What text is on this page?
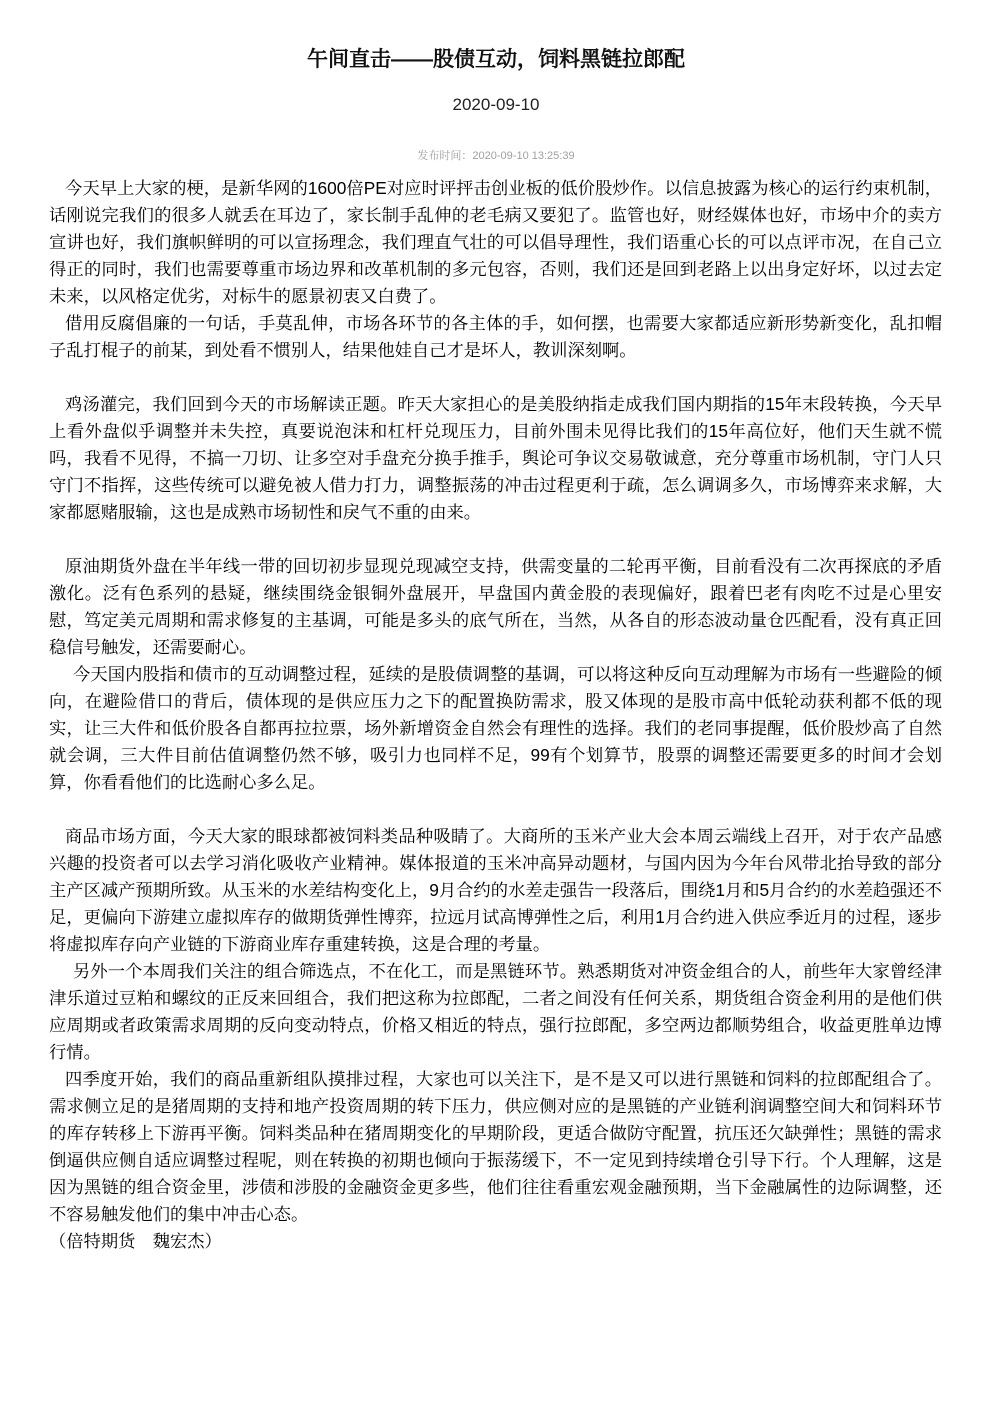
午间直击——股债互动，饲料黑链拉郎配
2020-09-10
发布时间：2020-09-10 13:25:39

今天早上大家的梗，是新华网的1600倍PE对应时评抨击创业板的低价股炒作。以信息披露为核心的运行约束机制，话刚说完我们的很多人就丢在耳边了，家长制手乱伸的老毛病又要犯了。监管也好，财经媒体也好，市场中介的卖方宣讲也好，我们旗帜鲜明的可以宣扬理念，我们理直气壮的可以倡导理性，我们语重心长的可以点评市况，在自己立得正的同时，我们也需要尊重市场边界和改革机制的多元包容，否则，我们还是回到老路上以出身定好坏，以过去定未来，以风格定优劣，对标牛的愿景初衷又白费了。

借用反腐倡廉的一句话，手莫乱伸，市场各环节的各主体的手，如何摆，也需要大家都适应新形势新变化，乱扣帽子乱打棍子的前某，到处看不惯别人，结果他娃自己才是坏人，教训深刻啊。

鸡汤灌完，我们回到今天的市场解读正题。昨天大家担心的是美股纳指走成我们国内期指的15年末段转换，今天早上看外盘似乎调整并未失控，真要说泡沫和杠杆兑现压力，目前外围未见得比我们的15年高位好，他们天生就不慌吗，我看不见得，不搞一刀切、让多空对手盘充分换手推手，舆论可争议交易敬诚意，充分尊重市场机制，守门人只守门不指挥，这些传统可以避免被人借力打力，调整振荡的冲击过程更利于疏，怎么调调多久，市场博弈来求解，大家都愿赌服输，这也是成熟市场韧性和戾气不重的由来。

原油期货外盘在半年线一带的回切初步显现兑现减空支持，供需变量的二轮再平衡，目前看没有二次再探底的矛盾激化。泛有色系列的悬疑，继续围绕金银铜外盘展开，早盘国内黄金股的表现偏好，跟着巴老有肉吃不过是心里安慰，笃定美元周期和需求修复的主基调，可能是多头的底气所在，当然，从各自的形态波动量仓匹配看，没有真正回稳信号触发，还需要耐心。

今天国内股指和债市的互动调整过程，延续的是股债调整的基调，可以将这种反向互动理解为市场有一些避险的倾向，在避险借口的背后，债体现的是供应压力之下的配置换防需求，股又体现的是股市高中低轮动获利都不低的现实，让三大件和低价股各自都再拉拉票，场外新增资金自然会有理性的选择。我们的老同事提醒，低价股炒高了自然就会调，三大件目前估值调整仍然不够，吸引力也同样不足，99有个划算节，股票的调整还需要更多的时间才会划算，你看看他们的比选耐心多么足。

商品市场方面，今天大家的眼球都被饲料类品种吸睛了。大商所的玉米产业大会本周云端线上召开，对于农产品感兴趣的投资者可以去学习消化吸收产业精神。媒体报道的玉米冲高异动题材，与国内因为今年台风带北抬导致的部分主产区减产预期所致。从玉米的水差结构变化上，9月合约的水差走强告一段落后，围绕1月和5月合约的水差趋强还不足，更偏向下游建立虚拟库存的做期货弹性博弈，拉远月试高博弹性之后，利用1月合约进入供应季近月的过程，逐步将虚拟库存向产业链的下游商业库存重建转换，这是合理的考量。

另外一个本周我们关注的组合筛选点，不在化工，而是黑链环节。熟悉期货对冲资金组合的人，前些年大家曾经津津乐道过豆粕和螺纹的正反来回组合，我们把这称为拉郎配，二者之间没有任何关系，期货组合资金利用的是他们供应周期或者政策需求周期的反向变动特点，价格又相近的特点，强行拉郎配，多空两边都顺势组合，收益更胜单边博行情。

四季度开始，我们的商品重新组队摸排过程，大家也可以关注下，是不是又可以进行黑链和饲料的拉郎配组合了。需求侧立足的是猪周期的支持和地产投资周期的转下压力，供应侧对应的是黑链的产业链利润调整空间大和饲料环节的库存转移上下游再平衡。饲料类品种在猪周期变化的早期阶段，更适合做防守配置，抗压还欠缺弹性；黑链的需求倒逼供应侧自适应调整过程呢，则在转换的初期也倾向于振荡缓下，不一定见到持续增仓引导下行。个人理解，这是因为黑链的组合资金里，涉债和涉股的金融资金更多些，他们往往看重宏观金融预期，当下金融属性的边际调整，还不容易触发他们的集中冲击心态。

（倍特期货　魏宏杰）
